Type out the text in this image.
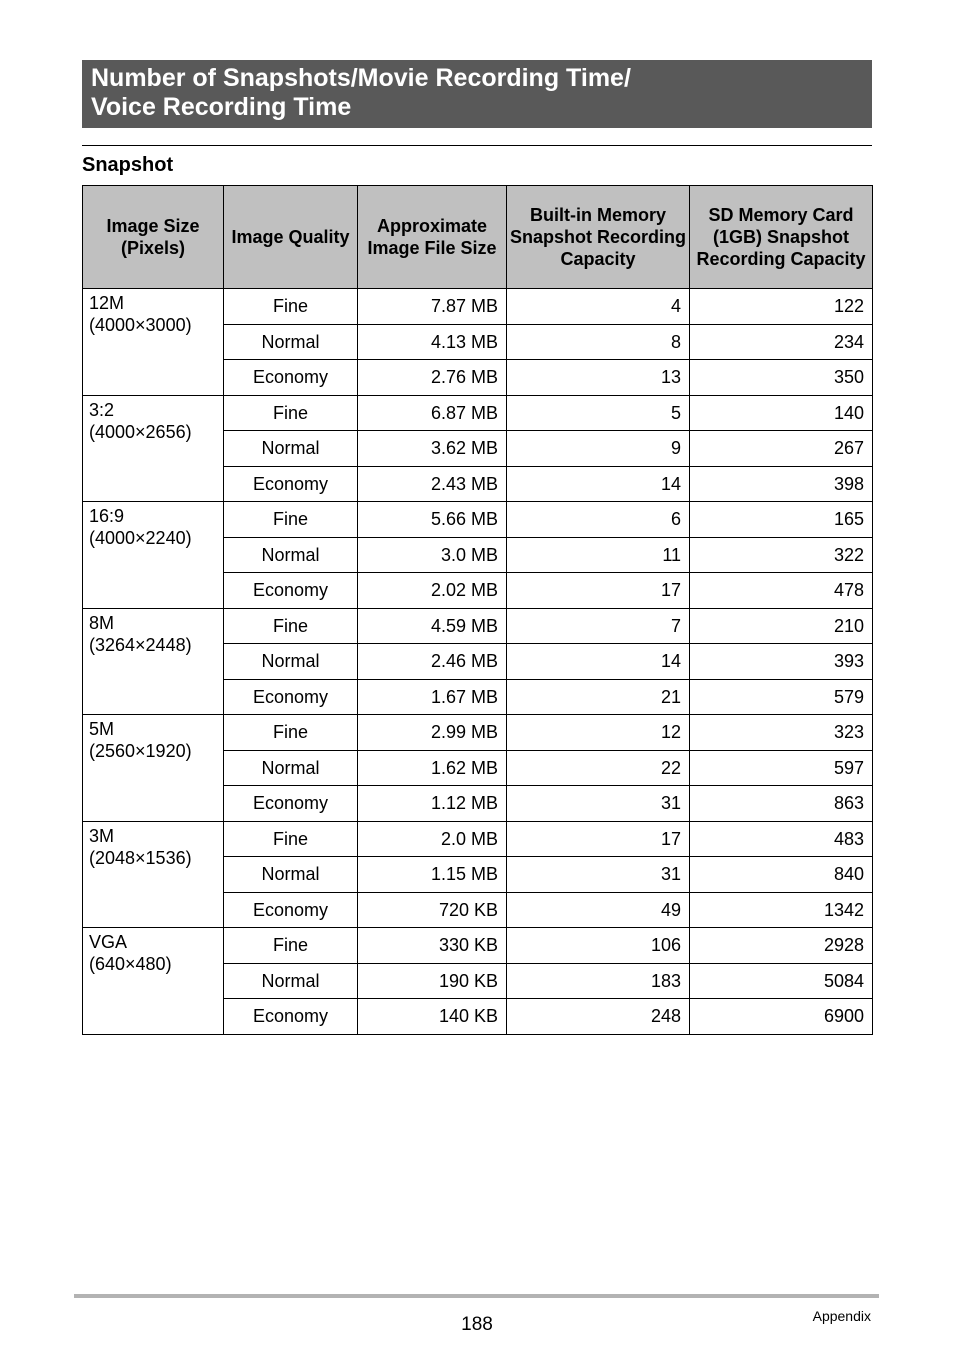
Number of Snapshots/Movie Recording Time/
Voice Recording Time
Snapshot
Image Size (Pixels)	Image Quality	Approximate Image File Size	Built-in Memory Snapshot Recording Capacity	SD Memory Card (1GB) Snapshot Recording Capacity

12M
(4000×3000)	Fine	7.87 MB	4	122
	Normal	4.13 MB	8	234
	Economy	2.76 MB	13	350

3:2
(4000×2656)	Fine	6.87 MB	5	140
	Normal	3.62 MB	9	267
	Economy	2.43 MB	14	398

16:9
(4000×2240)	Fine	5.66 MB	6	165
	Normal	3.0 MB	11	322
	Economy	2.02 MB	17	478

8M
(3264×2448)	Fine	4.59 MB	7	210
	Normal	2.46 MB	14	393
	Economy	1.67 MB	21	579

5M
(2560×1920)	Fine	2.99 MB	12	323
	Normal	1.62 MB	22	597
	Economy	1.12 MB	31	863

3M
(2048×1536)	Fine	2.0 MB	17	483
	Normal	1.15 MB	31	840
	Economy	720 KB	49	1342

VGA
(640×480)	Fine	330 KB	106	2928
	Normal	190 KB	183	5084
	Economy	140 KB	248	6900
188	Appendix
